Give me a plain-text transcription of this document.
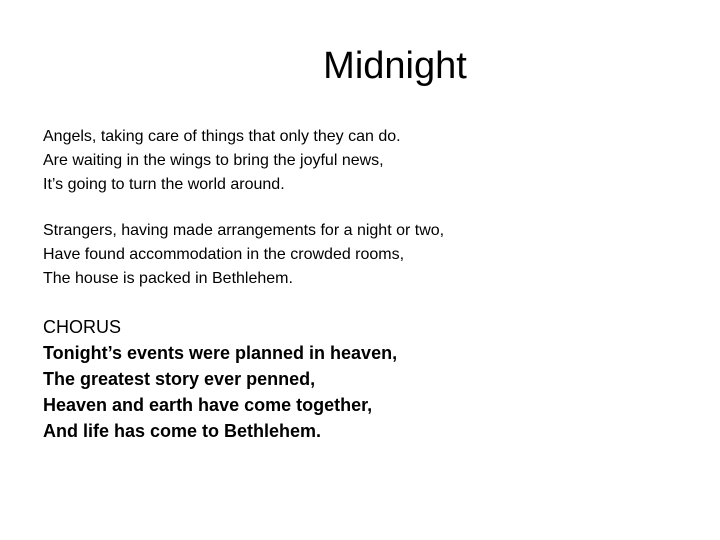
Midnight

Angels, taking care of things that only they can do.
Are waiting in the wings to bring the joyful news,
It’s going to turn the world around.

Strangers, having made arrangements for a night or two,
Have found accommodation in the crowded rooms,
The house is packed in Bethlehem.

CHORUS
Tonight’s events were planned in heaven,
The greatest story ever penned,
Heaven and earth have come together,
And life has come to Bethlehem.
